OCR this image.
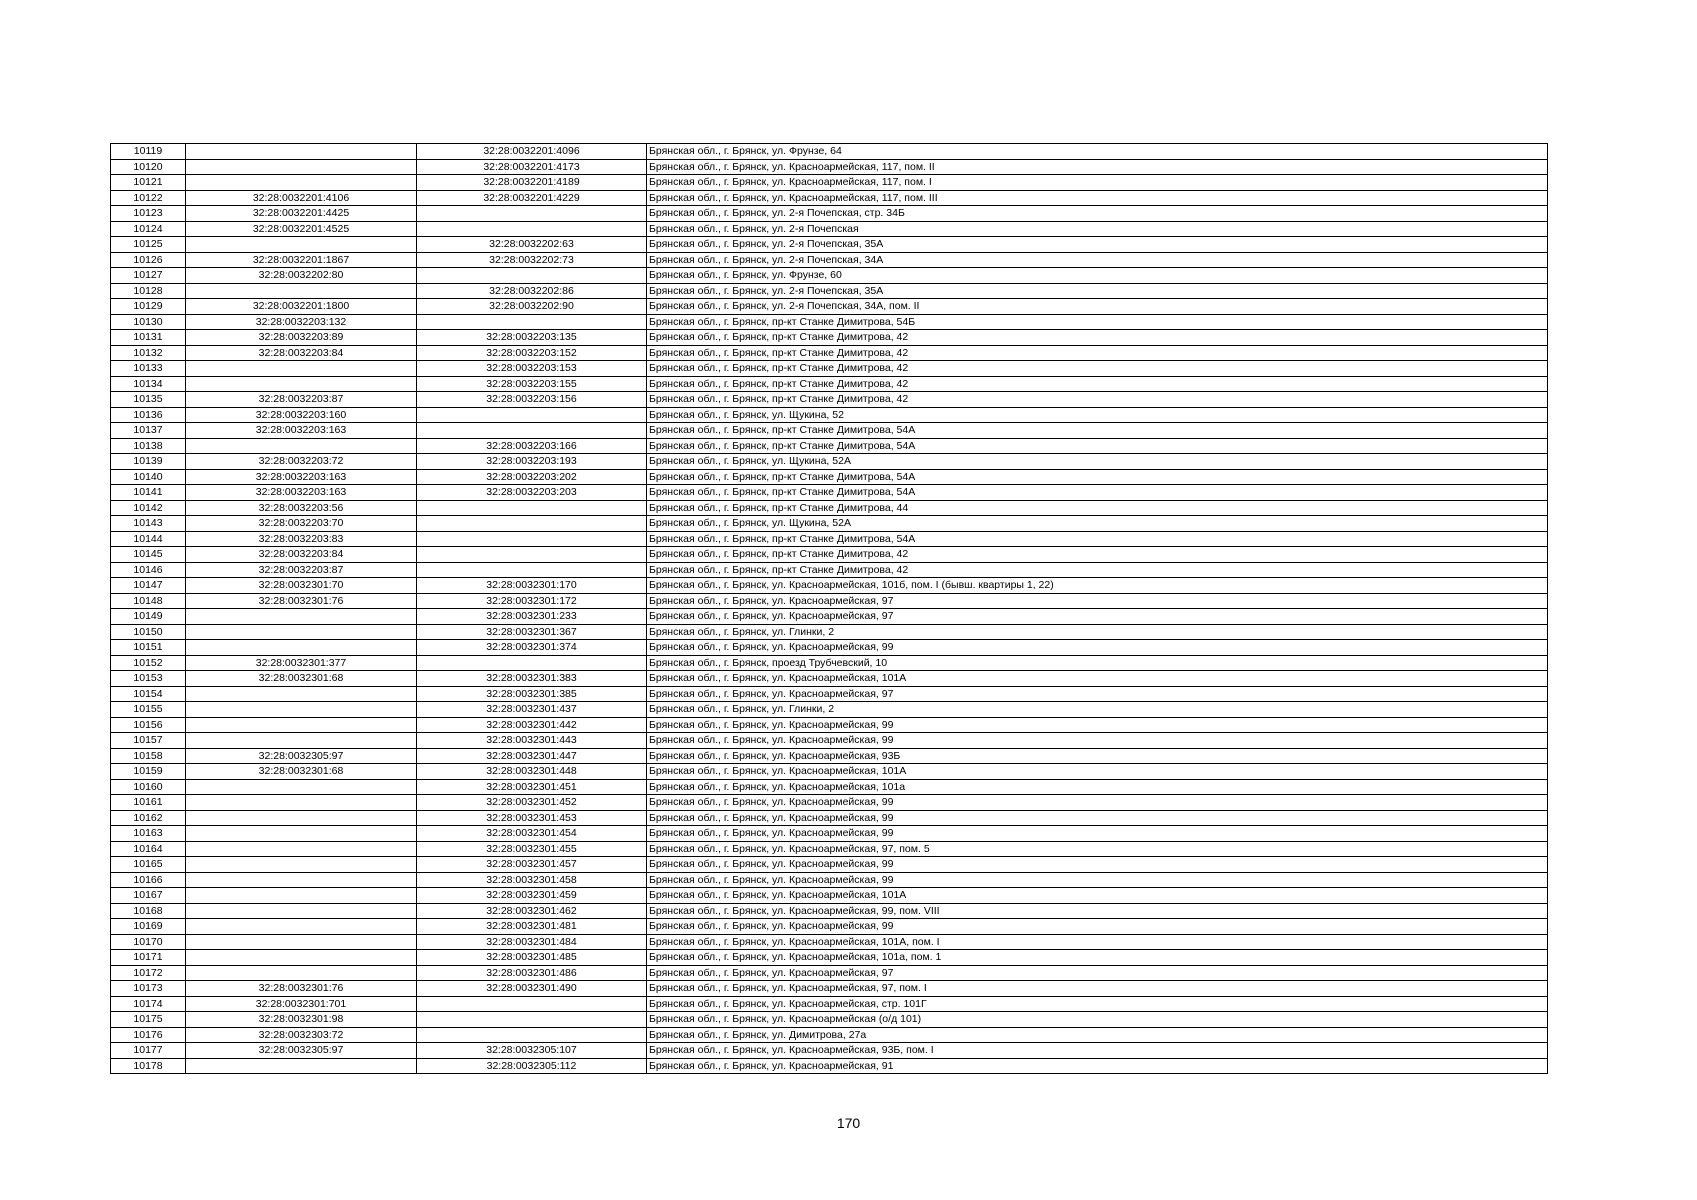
10119		32:28:0032201:4096	Брянская обл., г. Брянск, ул. Фрунзе, 64
10120		32:28:0032201:4173	Брянская обл., г. Брянск, ул. Красноармейская, 117, пом. II
10121		32:28:0032201:4189	Брянская обл., г. Брянск, ул. Красноармейская, 117, пом. I
10122	32:28:0032201:4106	32:28:0032201:4229	Брянская обл., г. Брянск, ул. Красноармейская, 117, пом. III
10123	32:28:0032201:4425		Брянская обл., г. Брянск, ул. 2-я Почепская, стр. 34Б
10124	32:28:0032201:4525		Брянская обл., г. Брянск, ул. 2-я Почепская
10125		32:28:0032202:63	Брянская обл., г. Брянск, ул. 2-я Почепская, 35А
10126	32:28:0032201:1867	32:28:0032202:73	Брянская обл., г. Брянск, ул. 2-я Почепская, 34А
10127	32:28:0032202:80		Брянская обл., г. Брянск, ул. Фрунзе, 60
10128		32:28:0032202:86	Брянская обл., г. Брянск, ул. 2-я Почепская, 35А
10129	32:28:0032201:1800	32:28:0032202:90	Брянская обл., г. Брянск, ул. 2-я Почепская, 34А, пом. II
10130	32:28:0032203:132		Брянская обл., г. Брянск, пр-кт Станке Димитрова, 54Б
10131	32:28:0032203:89	32:28:0032203:135	Брянская обл., г. Брянск, пр-кт Станке Димитрова, 42
10132	32:28:0032203:84	32:28:0032203:152	Брянская обл., г. Брянск, пр-кт Станке Димитрова, 42
10133		32:28:0032203:153	Брянская обл., г. Брянск, пр-кт Станке Димитрова, 42
10134		32:28:0032203:155	Брянская обл., г. Брянск, пр-кт Станке Димитрова, 42
10135	32:28:0032203:87	32:28:0032203:156	Брянская обл., г. Брянск, пр-кт Станке Димитрова, 42
10136	32:28:0032203:160		Брянская обл., г. Брянск, ул. Щукина, 52
10137	32:28:0032203:163		Брянская обл., г. Брянск, пр-кт Станке Димитрова, 54А
10138		32:28:0032203:166	Брянская обл., г. Брянск, пр-кт Станке Димитрова, 54А
10139	32:28:0032203:72	32:28:0032203:193	Брянская обл., г. Брянск, ул. Щукина, 52А
10140	32:28:0032203:163	32:28:0032203:202	Брянская обл., г. Брянск, пр-кт Станке Димитрова, 54А
10141	32:28:0032203:163	32:28:0032203:203	Брянская обл., г. Брянск, пр-кт Станке Димитрова, 54А
10142	32:28:0032203:56		Брянская обл., г. Брянск, пр-кт Станке Димитрова, 44
10143	32:28:0032203:70		Брянская обл., г. Брянск, ул. Щукина, 52А
10144	32:28:0032203:83		Брянская обл., г. Брянск, пр-кт Станке Димитрова, 54А
10145	32:28:0032203:84		Брянская обл., г. Брянск, пр-кт Станке Димитрова, 42
10146	32:28:0032203:87		Брянская обл., г. Брянск, пр-кт Станке Димитрова, 42
10147	32:28:0032301:70	32:28:0032301:170	Брянская обл., г. Брянск, ул. Красноармейская, 101б, пом. I (бывш. квартиры 1, 22)
10148	32:28:0032301:76	32:28:0032301:172	Брянская обл., г. Брянск, ул. Красноармейская, 97
10149		32:28:0032301:233	Брянская обл., г. Брянск, ул. Красноармейская, 97
10150		32:28:0032301:367	Брянская обл., г. Брянск, ул. Глинки, 2
10151		32:28:0032301:374	Брянская обл., г. Брянск, ул. Красноармейская, 99
10152	32:28:0032301:377		Брянская обл., г. Брянск, проезд Трубчевский, 10
10153	32:28:0032301:68	32:28:0032301:383	Брянская обл., г. Брянск, ул. Красноармейская, 101А
10154		32:28:0032301:385	Брянская обл., г. Брянск, ул. Красноармейская, 97
10155		32:28:0032301:437	Брянская обл., г. Брянск, ул. Глинки, 2
10156		32:28:0032301:442	Брянская обл., г. Брянск, ул. Красноармейская, 99
10157		32:28:0032301:443	Брянская обл., г. Брянск, ул. Красноармейская, 99
10158	32:28:0032305:97	32:28:0032301:447	Брянская обл., г. Брянск, ул. Красноармейская, 93Б
10159	32:28:0032301:68	32:28:0032301:448	Брянская обл., г. Брянск, ул. Красноармейская, 101А
10160		32:28:0032301:451	Брянская обл., г. Брянск, ул. Красноармейская, 101а
10161		32:28:0032301:452	Брянская обл., г. Брянск, ул. Красноармейская, 99
10162		32:28:0032301:453	Брянская обл., г. Брянск, ул. Красноармейская, 99
10163		32:28:0032301:454	Брянская обл., г. Брянск, ул. Красноармейская, 99
10164		32:28:0032301:455	Брянская обл., г. Брянск, ул. Красноармейская, 97, пом. 5
10165		32:28:0032301:457	Брянская обл., г. Брянск, ул. Красноармейская, 99
10166		32:28:0032301:458	Брянская обл., г. Брянск, ул. Красноармейская, 99
10167		32:28:0032301:459	Брянская обл., г. Брянск, ул. Красноармейская, 101А
10168		32:28:0032301:462	Брянская обл., г. Брянск, ул. Красноармейская, 99, пом. VIII
10169		32:28:0032301:481	Брянская обл., г. Брянск, ул. Красноармейская, 99
10170		32:28:0032301:484	Брянская обл., г. Брянск, ул. Красноармейская, 101А, пом. I
10171		32:28:0032301:485	Брянская обл., г. Брянск, ул. Красноармейская, 101а, пом. 1
10172		32:28:0032301:486	Брянская обл., г. Брянск, ул. Красноармейская, 97
10173	32:28:0032301:76	32:28:0032301:490	Брянская обл., г. Брянск, ул. Красноармейская, 97, пом. I
10174	32:28:0032301:701		Брянская обл., г. Брянск, ул. Красноармейская, стр. 101Г
10175	32:28:0032301:98		Брянская обл., г. Брянск, ул. Красноармейская (о/д 101)
10176	32:28:0032303:72		Брянская обл., г. Брянск, ул. Димитрова, 27а
10177	32:28:0032305:97	32:28:0032305:107	Брянская обл., г. Брянск, ул. Красноармейская, 93Б, пом. I
10178		32:28:0032305:112	Брянская обл., г. Брянск, ул. Красноармейская, 91
170
